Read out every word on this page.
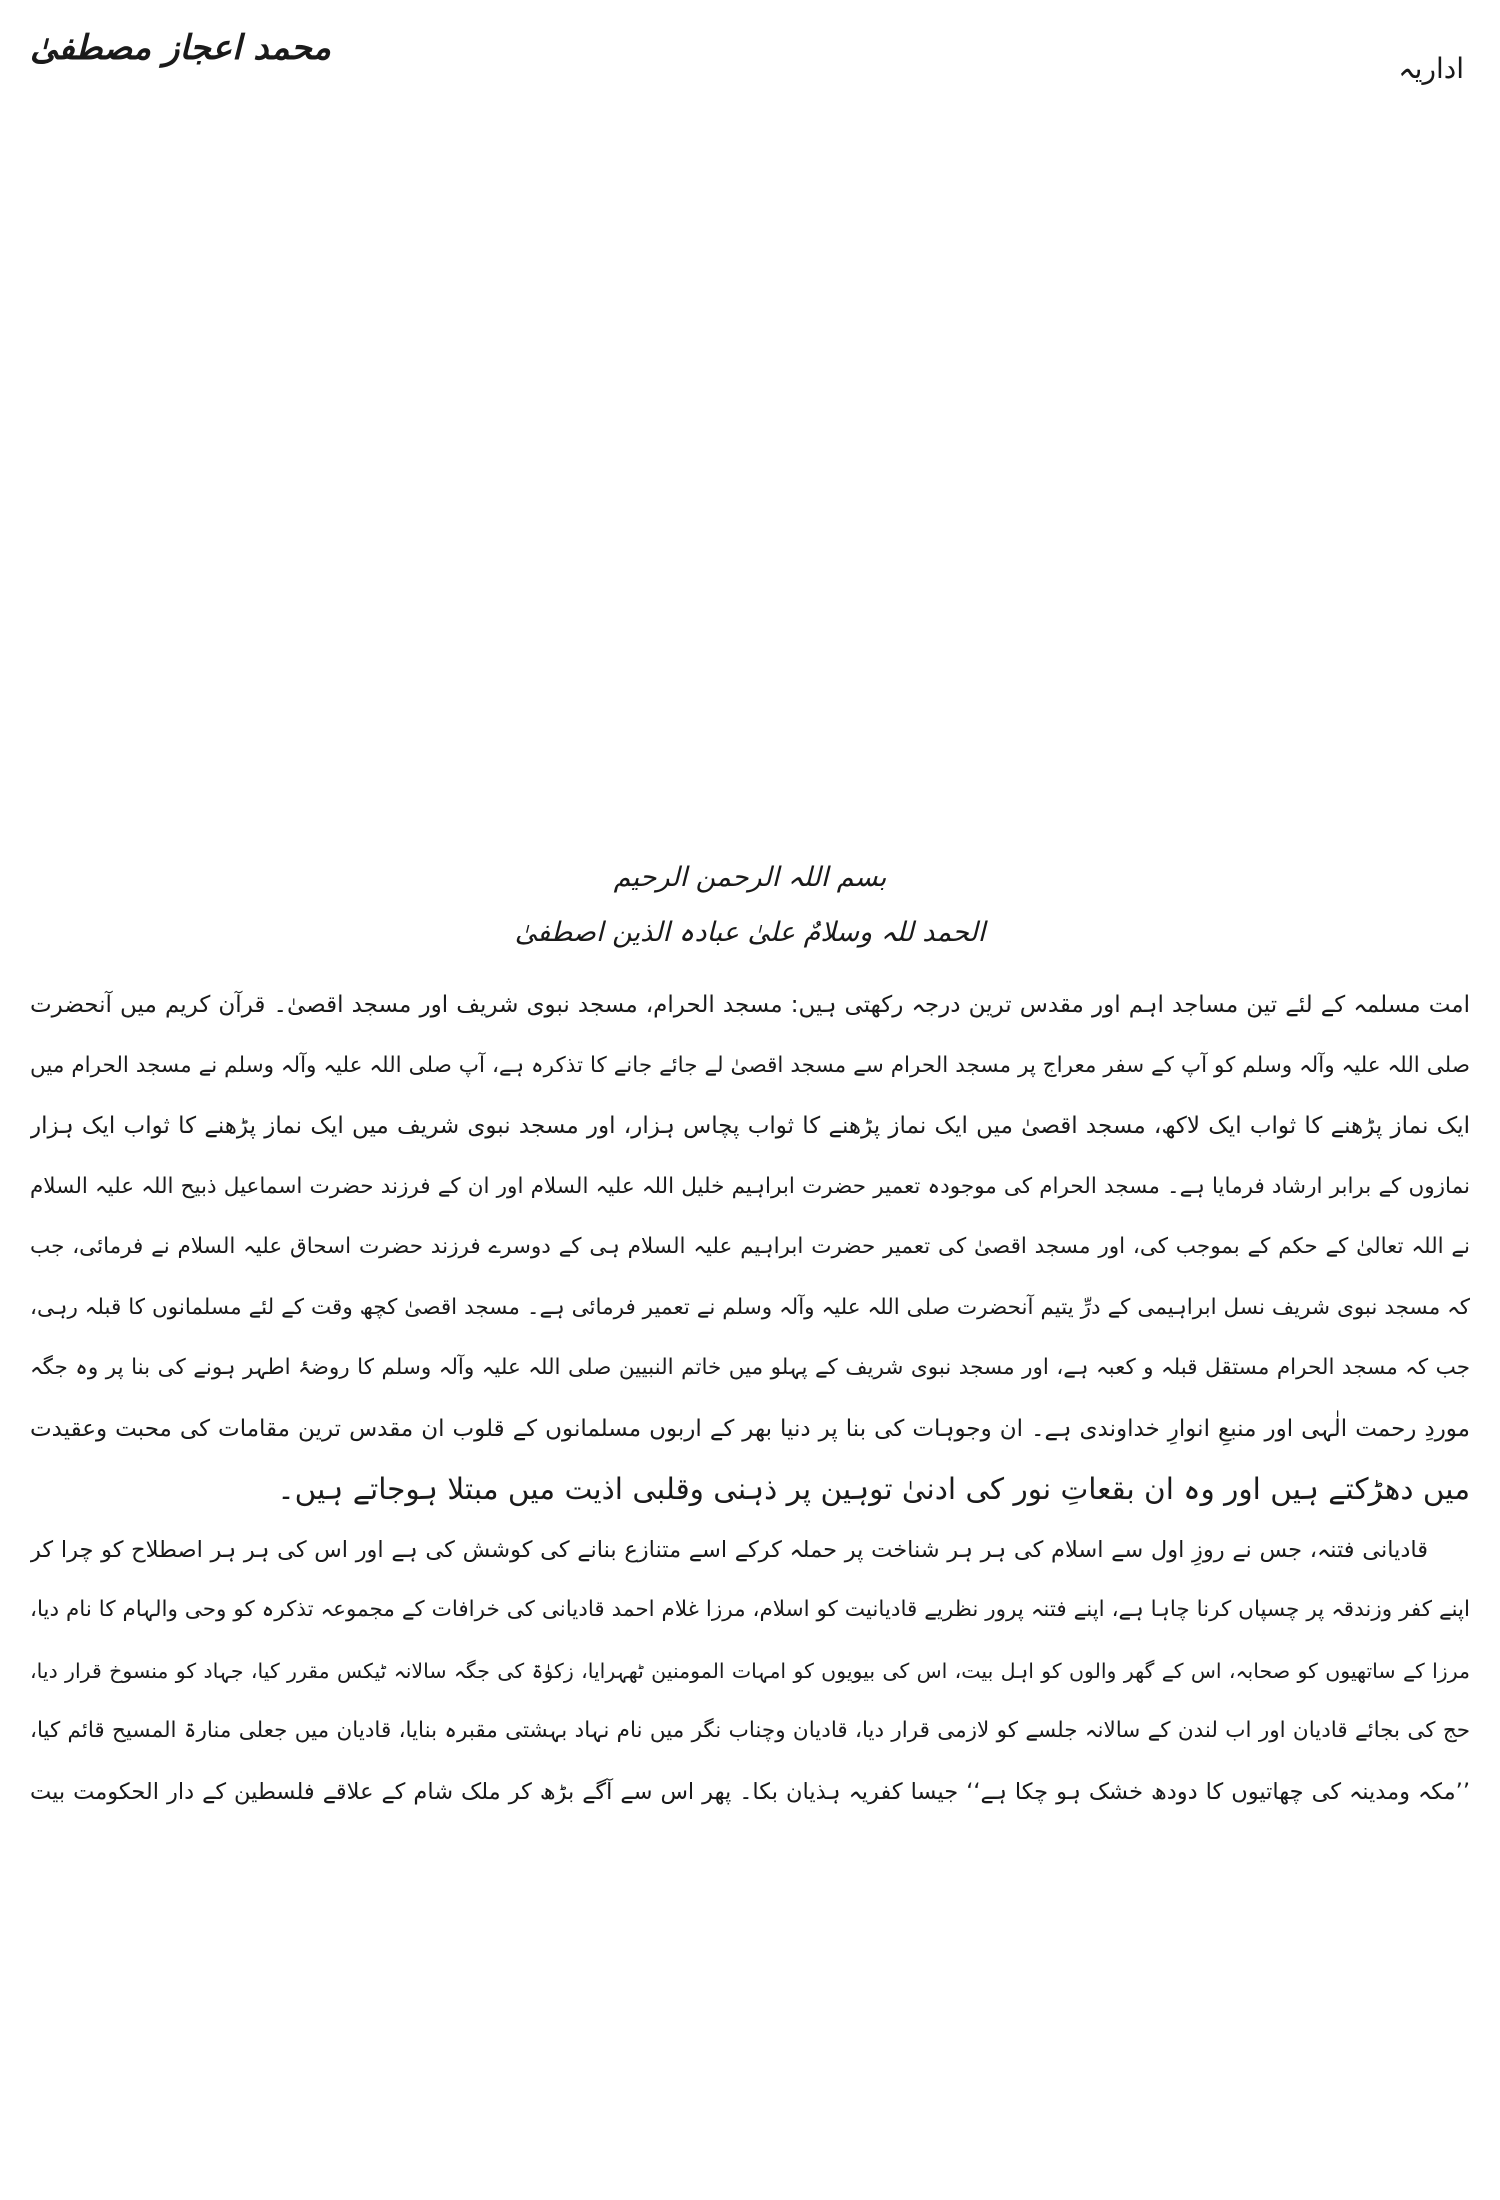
محمد اعجاز مصطفیٰ
اداریہ
بسم اللہ الرحمن الرحیم
الحمد للہ وسلامٌ علیٰ عبادہ الذین اصطفیٰ
امت مسلمہ کے لئے تین مساجد اہم اور مقدس ترین درجہ رکھتی ہیں: مسجد الحرام، مسجد نبوی شریف اور مسجد اقصیٰ۔ قرآن کریم میں آنحضرت
صلی اللہ علیہ وآلہ وسلم کو آپ کے سفر معراج پر مسجد الحرام سے مسجد اقصیٰ لے جائے جانے کا تذکرہ ہے، آپ صلی اللہ علیہ وآلہ وسلم نے مسجد الحرام میں
ایک نماز پڑھنے کا ثواب ایک لاکھ، مسجد اقصیٰ میں ایک نماز پڑھنے کا ثواب پچاس ہزار، اور مسجد نبوی شریف میں ایک نماز پڑھنے کا ثواب ایک ہزار
نمازوں کے برابر ارشاد فرمایا ہے۔ مسجد الحرام کی موجودہ تعمیر حضرت ابراہیم خلیل اللہ علیہ السلام اور ان کے فرزند حضرت اسماعیل ذبیح اللہ علیہ السلام
نے اللہ تعالیٰ کے حکم کے بموجب کی، اور مسجد اقصیٰ کی تعمیر حضرت ابراہیم علیہ السلام ہی کے دوسرے فرزند حضرت اسحاق علیہ السلام نے فرمائی، جب
کہ مسجد نبوی شریف نسل ابراہیمی کے درِّ یتیم آنحضرت صلی اللہ علیہ وآلہ وسلم نے تعمیر فرمائی ہے۔ مسجد اقصیٰ کچھ وقت کے لئے مسلمانوں کا قبلہ رہی،
جب کہ مسجد الحرام مستقل قبلہ و کعبہ ہے، اور مسجد نبوی شریف کے پہلو میں خاتم النبیین صلی اللہ علیہ وآلہ وسلم کا روضۂ اطہر ہونے کی بنا پر وہ جگہ
موردِ رحمت الٰہی اور منبعِ انوارِ خداوندی ہے۔ ان وجوہات کی بنا پر دنیا بھر کے اربوں مسلمانوں کے قلوب ان مقدس ترین مقامات کی محبت وعقیدت
میں دھڑکتے ہیں اور وہ ان بقعاتِ نور کی ادنیٰ توہین پر ذہنی وقلبی اذیت میں مبتلا ہوجاتے ہیں۔
قادیانی فتنہ، جس نے روزِ اول سے اسلام کی ہر ہر شناخت پر حملہ کرکے اسے متنازع بنانے کی کوشش کی ہے اور اس کی ہر ہر اصطلاح کو چرا کر
اپنے کفر وزندقہ پر چسپاں کرنا چاہا ہے، اپنے فتنہ پرور نظریے قادیانیت کو اسلام، مرزا غلام احمد قادیانی کی خرافات کے مجموعہ تذکرہ کو وحی والہام کا نام دیا،
مرزا کے ساتھیوں کو صحابہ، اس کے گھر والوں کو اہل بیت، اس کی بیویوں کو امہات المومنین ٹھہرایا، زکوٰۃ کی جگہ سالانہ ٹیکس مقرر کیا، جہاد کو منسوخ قرار دیا،
حج کی بجائے قادیان اور اب لندن کے سالانہ جلسے کو لازمی قرار دیا، قادیان وچناب نگر میں نام نہاد بہشتی مقبرہ بنایا، قادیان میں جعلی منارۃ المسیح قائم کیا،
’’مکہ ومدینہ کی چھاتیوں کا دودھ خشک ہو چکا ہے‘‘ جیسا کفریہ ہذیان بکا۔ پھر اس سے آگے بڑھ کر ملک شام کے علاقے فلسطین کے دار الحکومت بیت
